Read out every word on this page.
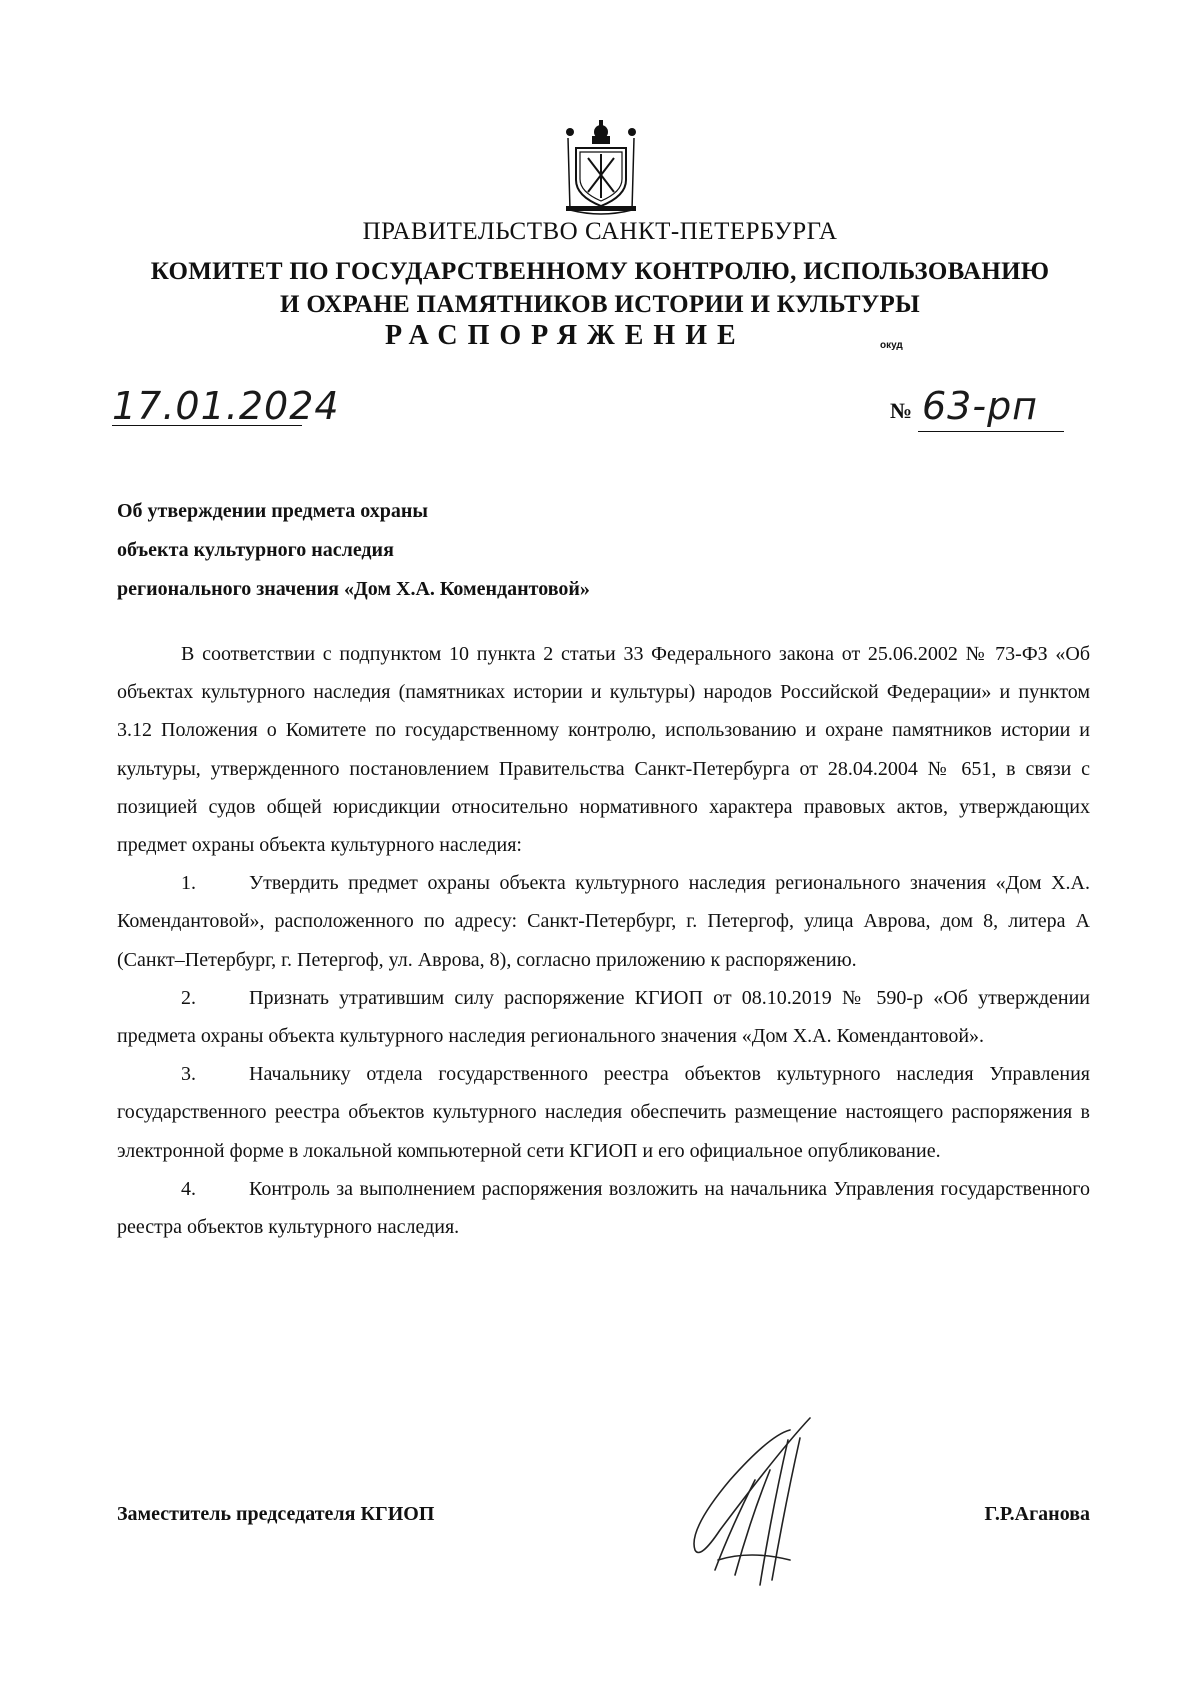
ПРАВИТЕЛЬСТВО САНКТ-ПЕТЕРБУРГА
КОМИТЕТ ПО ГОСУДАРСТВЕННОМУ КОНТРОЛЮ, ИСПОЛЬЗОВАНИЮ
И ОХРАНЕ ПАМЯТНИКОВ ИСТОРИИ И КУЛЬТУРЫ
РАСПОРЯЖЕНИЕ	окуд
17.01.2024	№ 63-рп
Об утверждении предмета охраны
объекта культурного наследия
регионального значения «Дом Х.А. Комендантовой»

В соответствии с подпунктом 10 пункта 2 статьи 33 Федерального закона от 25.06.2002 № 73-ФЗ «Об объектах культурного наследия (памятниках истории и культуры) народов Российской Федерации» и пунктом 3.12 Положения о Комитете по государственному контролю, использованию и охране памятников истории и культуры, утвержденного постановлением Правительства Санкт-Петербурга от 28.04.2004 № 651, в связи с позицией судов общей юрисдикции относительно нормативного характера правовых актов, утверждающих предмет охраны объекта культурного наследия:

1.	Утвердить предмет охраны объекта культурного наследия регионального значения «Дом Х.А. Комендантовой», расположенного по адресу: Санкт-Петербург, г. Петергоф, улица Аврова, дом 8, литера А (Санкт–Петербург, г. Петергоф, ул. Аврова, 8), согласно приложению к распоряжению.

2.	Признать утратившим силу распоряжение КГИОП от 08.10.2019 № 590-р «Об утверждении предмета охраны объекта культурного наследия регионального значения «Дом Х.А. Комендантовой».

3.	Начальнику отдела государственного реестра объектов культурного наследия Управления государственного реестра объектов культурного наследия обеспечить размещение настоящего распоряжения в электронной форме в локальной компьютерной сети КГИОП и его официальное опубликование.

4.	Контроль за выполнением распоряжения возложить на начальника Управления государственного реестра объектов культурного наследия.

Заместитель председателя КГИОП	Г.Р.Аганова
